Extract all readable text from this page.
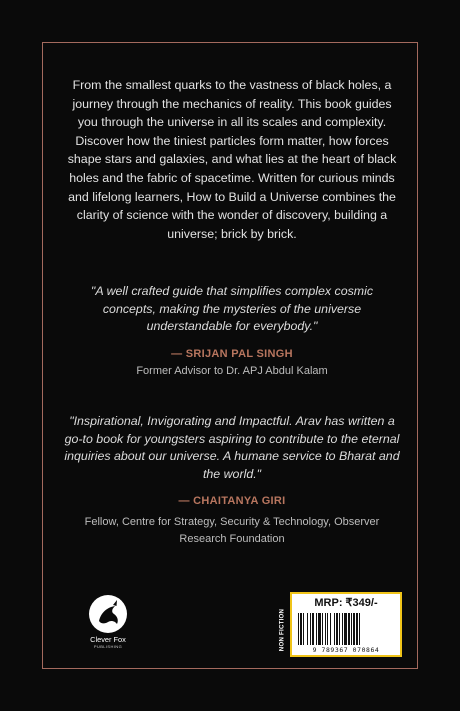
From the smallest quarks to the vastness of black holes, a journey through the mechanics of reality. This book guides you through the universe in all its scales and complexity. Discover how the tiniest particles form matter, how forces shape stars and galaxies, and what lies at the heart of black holes and the fabric of spacetime. Written for curious minds and lifelong learners, How to Build a Universe combines the clarity of science with the wonder of discovery, building a universe; brick by brick.

"A well crafted guide that simplifies complex cosmic concepts, making the mysteries of the universe understandable for everybody."

— SRIJAN PAL SINGH
Former Advisor to Dr. APJ Abdul Kalam

"Inspirational, Invigorating and Impactful. Arav has written a go-to book for youngsters aspiring to contribute to the eternal inquiries about our universe. A humane service to Bharat and the world."

— CHAITANYA GIRI
Fellow, Centre for Strategy, Security & Technology, Observer Research Foundation
Clever Fox
PUBLISHING	NON FICTION
MRP: ₹349/-
9 789367 070864
